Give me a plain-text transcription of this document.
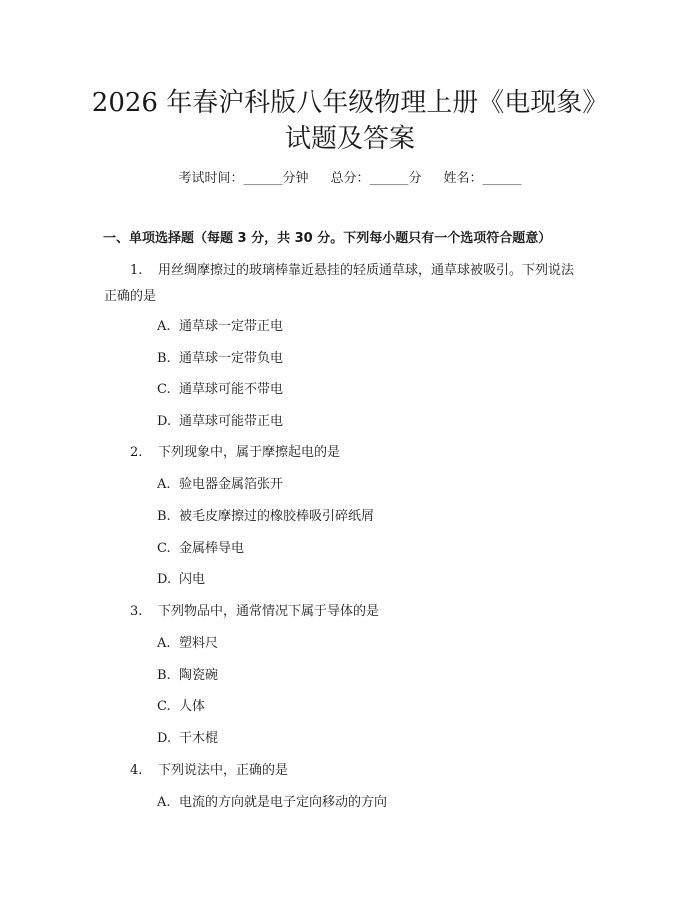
2026 年春沪科版八年级物理上册《电现象》
试题及答案
考试时间：______分钟 总分：______分 姓名：______
一、单项选择题（每题 3 分，共 30 分。下列每小题只有一个选项符合题意）
1. 用丝绸摩擦过的玻璃棒靠近悬挂的轻质通草球，通草球被吸引。下列说法
正确的是
A. 通草球一定带正电
B. 通草球一定带负电
C. 通草球可能不带电
D. 通草球可能带正电
2. 下列现象中，属于摩擦起电的是
A. 验电器金属箔张开
B. 被毛皮摩擦过的橡胶棒吸引碎纸屑
C. 金属棒导电
D. 闪电
3. 下列物品中，通常情况下属于导体的是
A. 塑料尺
B. 陶瓷碗
C. 人体
D. 干木棍
4. 下列说法中，正确的是
A. 电流的方向就是电子定向移动的方向
